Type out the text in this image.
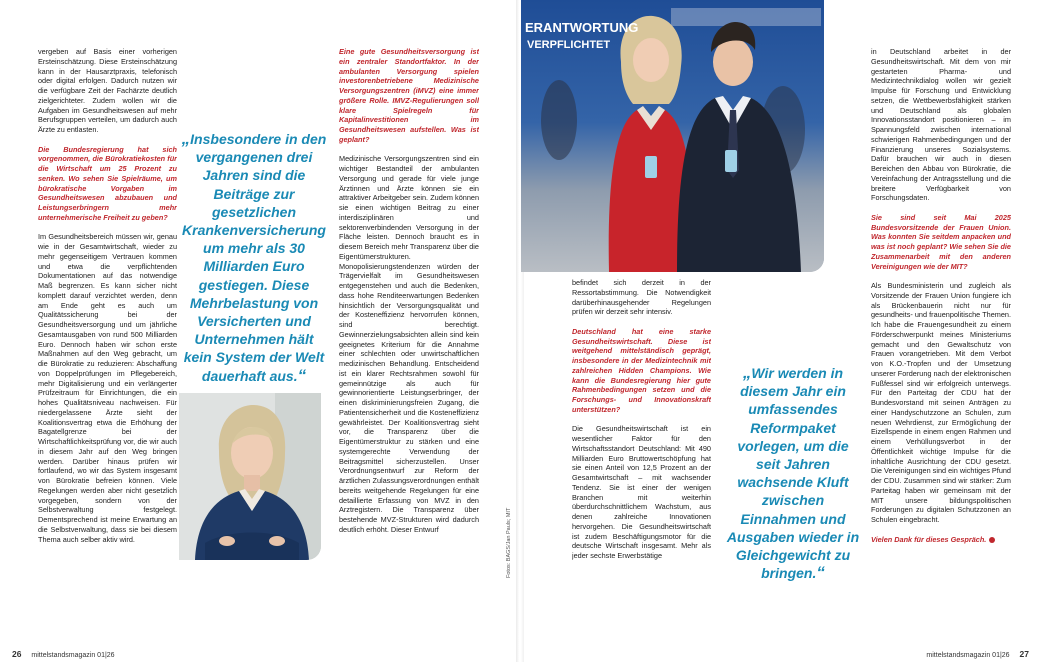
vergeben auf Basis einer vorherigen Ersteinschätzung. Diese Ersteinschätzung kann in der Hausarztpraxis, telefonisch oder digital erfolgen. Dadurch nutzen wir die verfügbare Zeit der Fachärzte deutlich zielgerichteter. Zudem wollen wir die Aufgaben im Gesundheitswesen auf mehr Berufsgruppen verteilen, um dadurch auch Ärzte zu entlasten.

Die Bundesregierung hat sich vorgenommen, die Bürokratiekosten für die Wirtschaft um 25 Prozent zu senken. Wo sehen Sie Spielräume, um bürokratische Vorgaben im Gesundheitswesen abzubauen und Leistungserbringern mehr unternehmerische Freiheit zu geben?

Im Gesundheitsbereich müssen wir, genau wie in der Gesamtwirtschaft, wieder zu mehr gegenseitigem Vertrauen kommen und etwa die verpflichtenden Dokumentationen auf das notwendige Maß begrenzen. Es kann sicher nicht komplett darauf verzichtet werden, denn am Ende geht es auch um Qualitätssicherung bei der Gesundheitsversorgung und um jährliche Gesamtausgaben von rund 500 Milliarden Euro. Dennoch haben wir schon erste Maßnahmen auf den Weg gebracht, um die Bürokratie zu reduzieren: Abschaffung von Doppelprüfungen im Pflegebereich, mehr Digitalisierung und ein verlängerter Prüfzeitraum für Einrichtungen, die ein hohes Qualitätsniveau nachweisen. Für niedergelassene Ärzte sieht der Koalitionsvertrag etwa die Erhöhung der Bagatellgrenze bei der Wirtschaftlichkeitsprüfung vor, die wir auch in diesem Jahr auf den Weg bringen werden. Darüber hinaus prüfen wir fortlaufend, wo wir das System insgesamt von Bürokratie befreien können. Viele Regelungen werden aber nicht gesetzlich vorgegeben, sondern von der Selbstverwaltung festgelegt. Dementsprechend ist meine Erwartung an die Selbstverwaltung, dass sie bei diesem Thema auch selber aktiv wird.

„Insbesondere in den vergangenen drei Jahren sind die Beiträge zur gesetzlichen Krankenversicherung um mehr als 30 Milliarden Euro gestiegen. Diese Mehrbelastung von Versicherten und Unternehmen hält kein System der Welt dauerhaft aus.“

Eine gute Gesundheitsversorgung ist ein zentraler Standortfaktor. In der ambulanten Versorgung spielen investorenbetriebene Medizinische Versorgungszentren (iMVZ) eine immer größere Rolle. IMVZ-Regulierungen soll klare Spielregeln für Kapitalinvestitionen im Gesundheitswesen aufstellen. Was ist geplant?

Medizinische Versorgungszentren sind ein wichtiger Bestandteil der ambulanten Versorgung und gerade für viele junge Ärztinnen und Ärzte können sie ein attraktiver Arbeitgeber sein. Zudem können sie einen wichtigen Beitrag zu einer interdisziplinären und sektorenverbindenden Versorgung in der Fläche leisten. Dennoch braucht es in diesem Bereich mehr Transparenz über die Eigentümerstrukturen. Monopolisierungstendenzen würden der Trägervielfalt im Gesundheitswesen entgegenstehen und auch die Bedenken, dass hohe Renditeerwartungen Bedenken hinsichtlich der Versorgungsqualität und der Kosteneffizienz hervorrufen können, sind berechtigt. Gewinnerzielungsabsichten allein sind kein geeignetes Kriterium für die Annahme einer schlechten oder unwirtschaftlichen medizinischen Behandlung. Entscheidend ist ein klarer Rechtsrahmen sowohl für gemeinnützige als auch für gewinnorientierte Leistungserbringer, der einen diskriminierungsfreien Zugang, die Patientensicherheit und die Kosteneffizienz gewährleistet. Der Koalitionsvertrag sieht vor, die Transparenz über die Eigentümerstruktur zu stärken und eine systemgerechte Verwendung der Beitragsmittel sicherzustellen. Unser Verordnungsentwurf zur Reform der ärztlichen Zulassungsverordnungen enthält bereits weitgehende Regelungen für eine detaillierte Erfassung von MVZ in den Arztregistern. Die Transparenz über bestehende MVZ-Strukturen wird dadurch deutlich erhöht. Dieser Entwurf	Fotos: BAGS/Jan Pauls; MIT
26 mittelstandsmagazin 01|26
ERANTWORTUNG
VERPFLICHTET

befindet sich derzeit in der Ressortabstimmung. Die Notwendigkeit darüberhinausgehender Regelungen prüfen wir derzeit sehr intensiv.

Deutschland hat eine starke Gesundheitswirtschaft. Diese ist weitgehend mittelständisch geprägt, insbesondere in der Medizintechnik mit zahlreichen Hidden Champions. Wie kann die Bundesregierung hier gute Rahmenbedingungen setzen und die Forschungs- und Innovationskraft unterstützen?

Die Gesundheitswirtschaft ist ein wesentlicher Faktor für den Wirtschaftsstandort Deutschland: Mit 490 Milliarden Euro Bruttowertschöpfung hat sie einen Anteil von 12,5 Prozent an der Gesamtwirtschaft – mit wachsender Tendenz. Sie ist einer der wenigen Branchen mit weiterhin überdurchschnittlichem Wachstum, aus denen zahlreiche Innovationen hervorgehen. Die Gesundheitswirtschaft ist zudem Beschäftigungsmotor für die deutsche Wirtschaft insgesamt. Mehr als jeder sechste Erwerbstätige

„Wir werden in diesem Jahr ein umfassendes Reformpaket vorlegen, um die seit Jahren wachsende Kluft zwischen Einnahmen und Ausgaben wieder in Gleichgewicht zu bringen.“

in Deutschland arbeitet in der Gesundheitswirtschaft. Mit dem von mir gestarteten Pharma- und Medizintechnikdialog wollen wir gezielt Impulse für Forschung und Entwicklung setzen, die Wettbewerbsfähigkeit stärken und Deutschland als globalen Innovationsstandort positionieren – im Spannungsfeld zwischen international schwierigen Rahmenbedingungen und der Finanzierung unseres Sozialsystems. Dafür brauchen wir auch in diesen Bereichen den Abbau von Bürokratie, die Vereinfachung der Antragsstellung und die breitere Verfügbarkeit von Forschungsdaten.

Sie sind seit Mai 2025 Bundesvorsitzende der Frauen Union. Was konnten Sie seitdem anpacken und was ist noch geplant? Wie sehen Sie die Zusammenarbeit mit den anderen Vereinigungen wie der MIT?

Als Bundesministerin und zugleich als Vorsitzende der Frauen Union fungiere ich als Brückenbauerin nicht nur für gesundheits- und frauenpolitische Themen. Ich habe die Frauengesundheit zu einem Förderschwerpunkt meines Ministeriums gemacht und den Gewaltschutz von Frauen vorangetrieben. Mit dem Verbot von K.O.-Tropfen und der Umsetzung unserer Forderung nach der elektronischen Fußfessel sind wir erfolgreich unterwegs. Für den Parteitag der CDU hat der Bundesvorstand mit seinen Anträgen zu einer Handyschutzzone an Schulen, zum neuen Wehrdienst, zur Ermöglichung der Eizellspende in einem engen Rahmen und einem Verhüllungsverbot in der Öffentlichkeit wichtige Impulse für die inhaltliche Ausrichtung der CDU gesetzt. Die Vereinigungen sind ein wichtiges Pfund der CDU. Zusammen sind wir stärker: Zum Parteitag haben wir gemeinsam mit der MIT unsere bildungspolitischen Forderungen zu digitalen Schutzzonen an Schulen eingebracht.

Vielen Dank für dieses Gespräch.

mittelstandsmagazin 01|26 27
